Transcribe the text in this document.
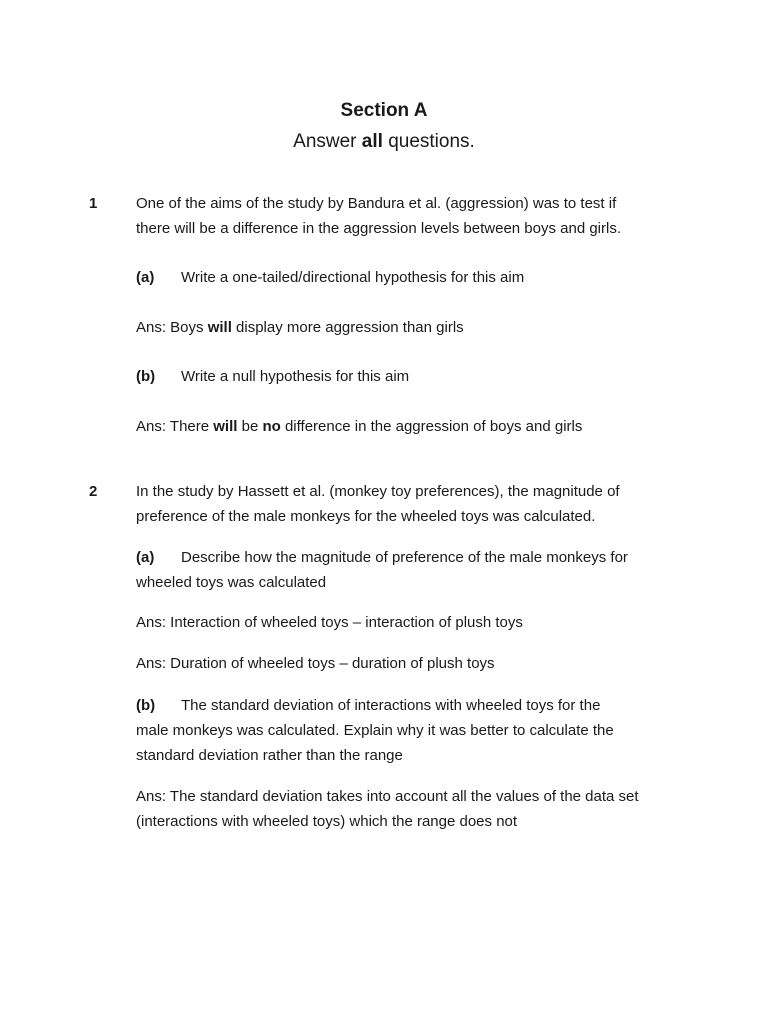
Section A
Answer all questions.
1	One of the aims of the study by Bandura et al. (aggression) was to test if
there will be a difference in the aggression levels between boys and girls.
(a) Write a one-tailed/directional hypothesis for this aim
Ans: Boys will display more aggression than girls
(b) Write a null hypothesis for this aim
Ans: There will be no difference in the aggression of boys and girls
2	In the study by Hassett et al. (monkey toy preferences), the magnitude of
preference of the male monkeys for the wheeled toys was calculated.
(a) Describe how the magnitude of preference of the male monkeys for
wheeled toys was calculated
Ans: Interaction of wheeled toys – interaction of plush toys
Ans: Duration of wheeled toys – duration of plush toys
(b) The standard deviation of interactions with wheeled toys for the
male monkeys was calculated. Explain why it was better to calculate the
standard deviation rather than the range
Ans: The standard deviation takes into account all the values of the data set
(interactions with wheeled toys) which the range does not
